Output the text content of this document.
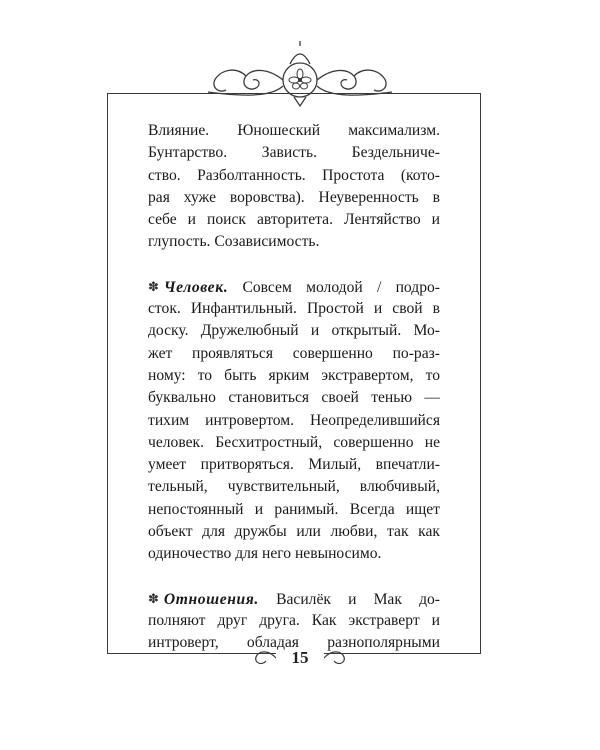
15
Влияние. Юношеский максимализм.
Бунтарство. Зависть. Бездельниче-
ство. Разболтанность. Простота (кото-
рая хуже воровства). Неуверенность в
себе и поиск авторитета. Лентяйство и
глупость. Созависимость.
✽ Человек. Совсем молодой / подро-
сток. Инфантильный. Простой и свой в
доску. Дружелюбный и открытый. Мо-
жет проявляться совершенно по-раз-
ному: то быть ярким экстравертом, то
буквально становиться своей тенью —
тихим интровертом. Неопределившийся
человек. Бесхитростный, совершенно не
умеет притворяться. Милый, впечатли-
тельный, чувствительный, влюбчивый,
непостоянный и ранимый. Всегда ищет
объект для дружбы или любви, так как
одиночество для него невыносимо.
✽ Отношения. Василёк и Мак до-
полняют друг друга. Как экстраверт и
интроверт, обладая разнополярными
